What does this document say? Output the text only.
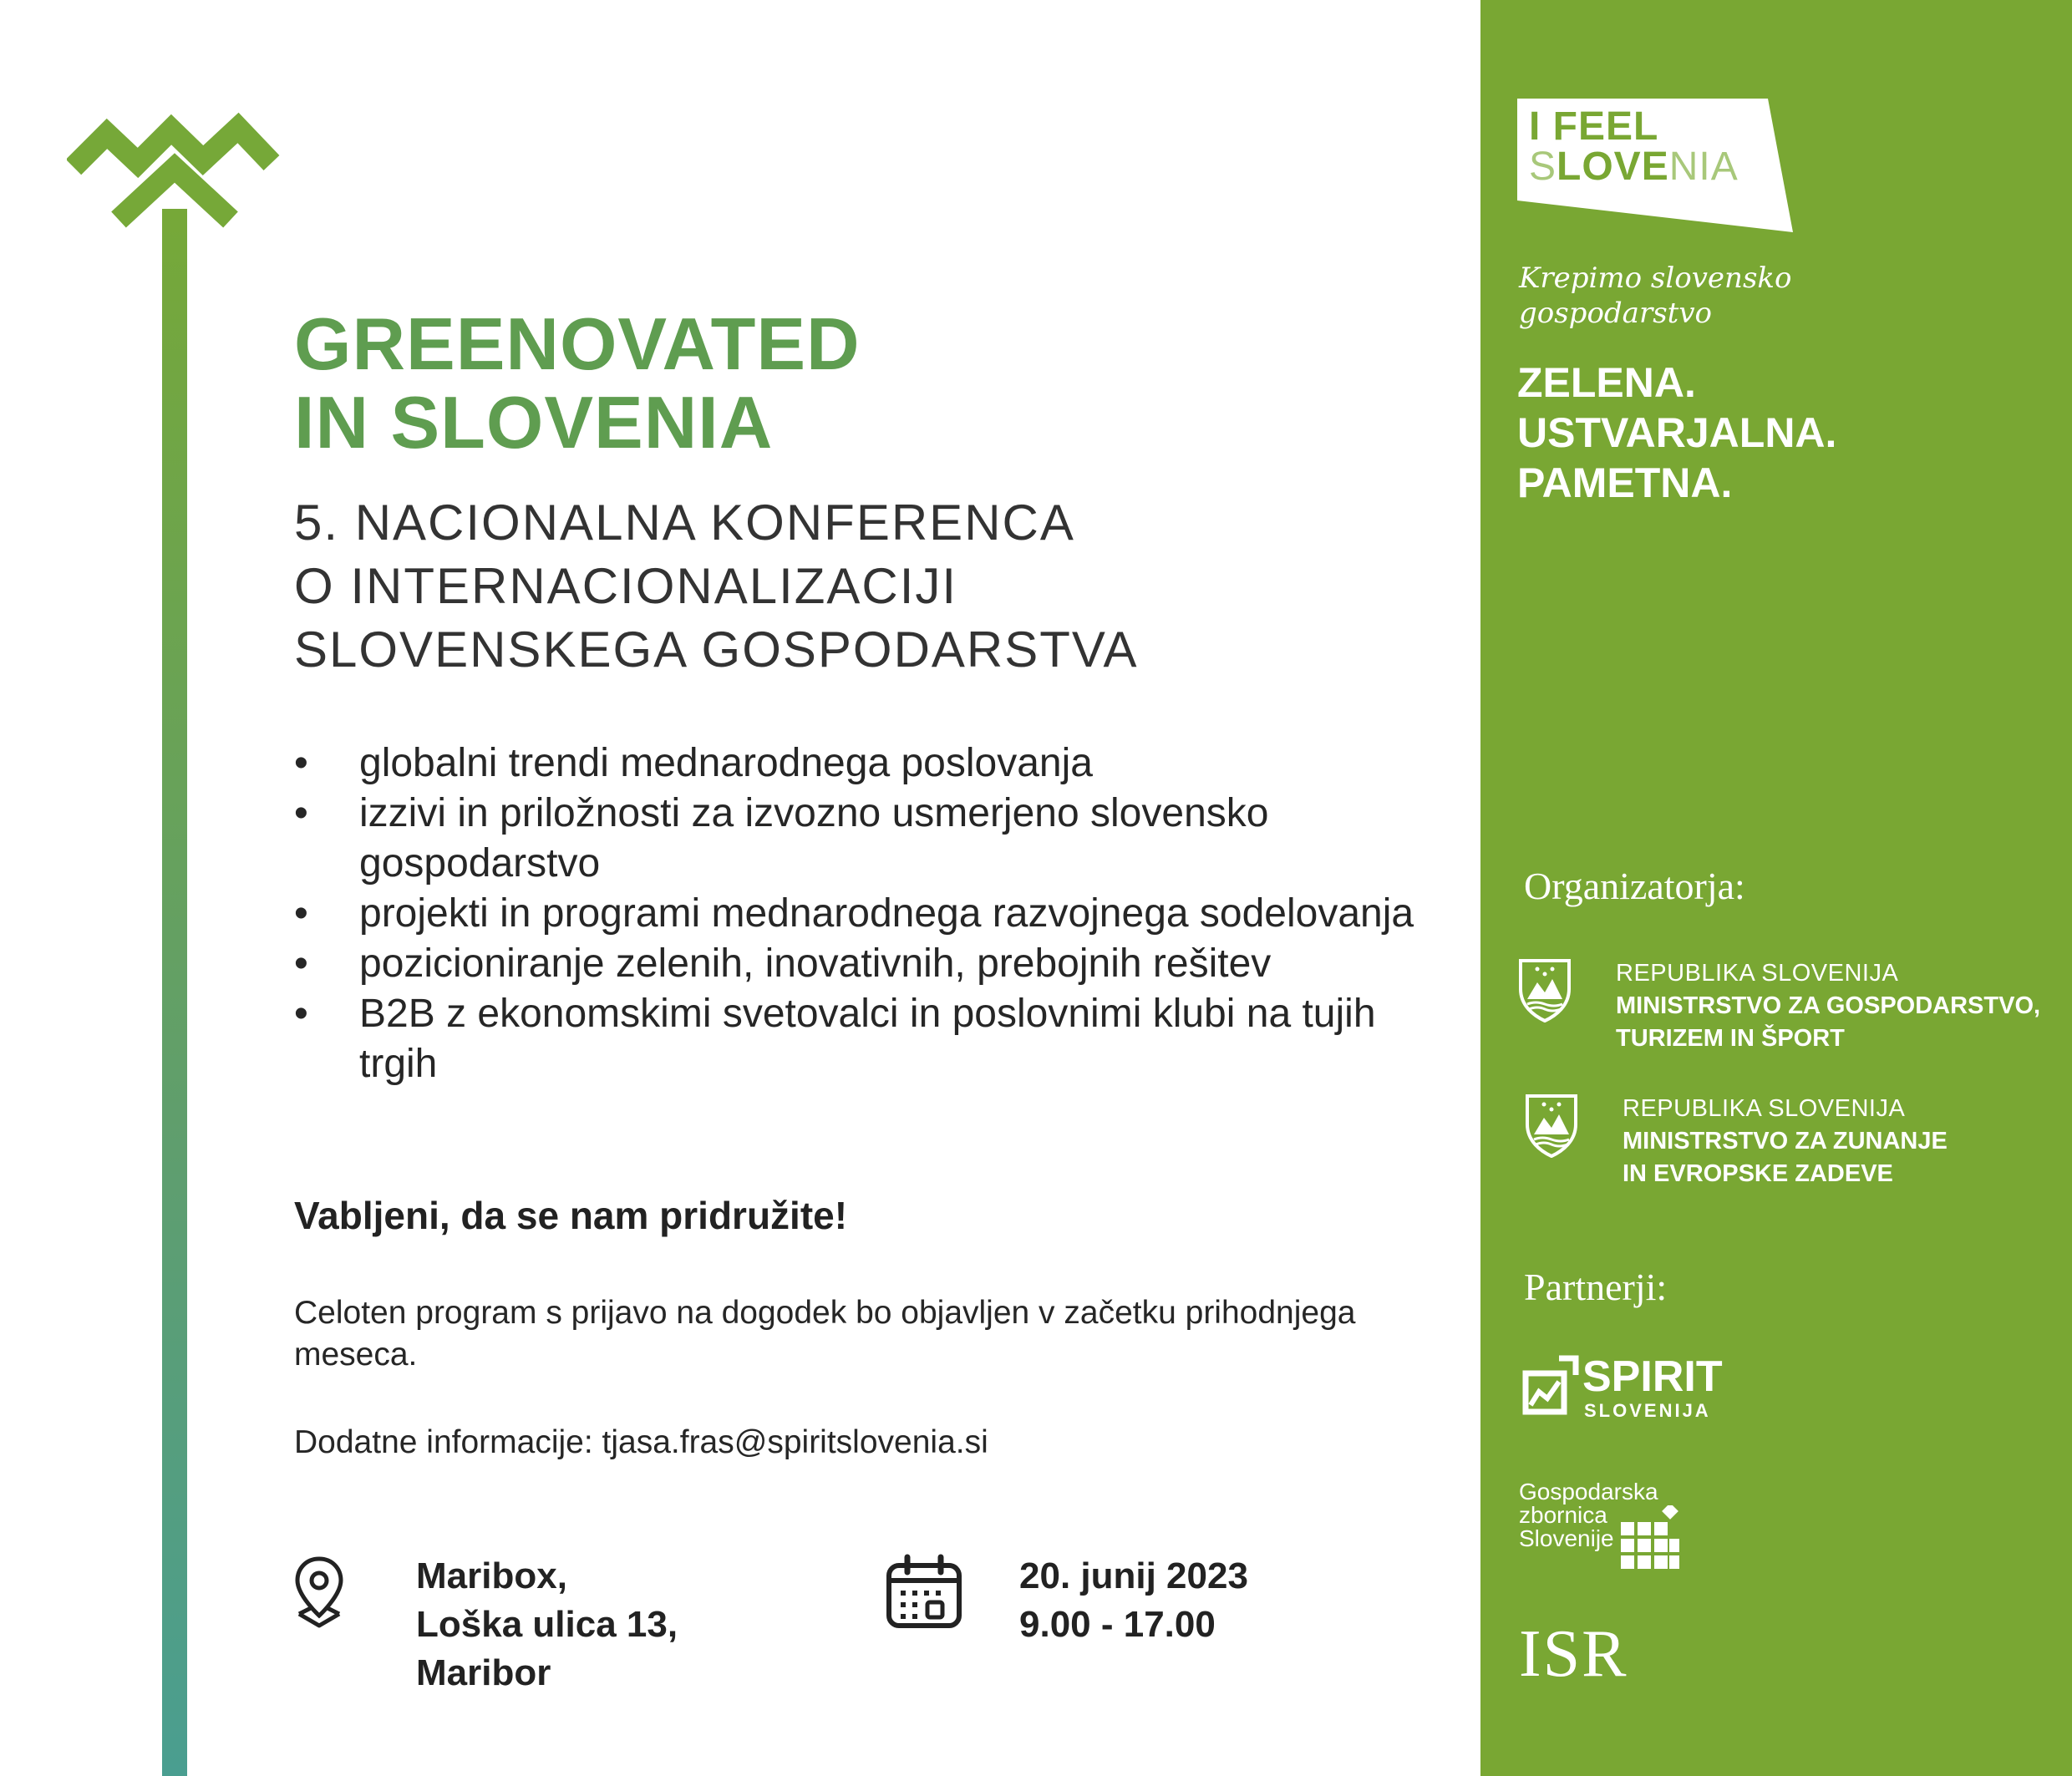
GREENOVATED
IN SLOVENIA
5. NACIONALNA KONFERENCA
O INTERNACIONALIZACIJI
SLOVENSKEGA GOSPODARSTVA
• globalni trendi mednarodnega poslovanja
• izzivi in priložnosti za izvozno usmerjeno slovensko gospodarstvo
• projekti in programi mednarodnega razvojnega sodelovanja
• pozicioniranje zelenih, inovativnih, prebojnih rešitev
• B2B z ekonomskimi svetovalci in poslovnimi klubi na tujih trgih
Vabljeni, da se nam pridružite!
Celoten program s prijavo na dogodek bo objavljen v začetku prihodnjega meseca.
Dodatne informacije: tjasa.fras@spiritslovenia.si
Maribox,
Loška ulica 13,
Maribor
20. junij 2023
9.00 - 17.00
I FEEL
SLOVENIA
Krepimo slovensko
gospodarstvo
ZELENA.
USTVARJALNA.
PAMETNA.
Organizatorja:
REPUBLIKA SLOVENIJA
MINISTRSTVO ZA GOSPODARSTVO,
TURIZEM IN ŠPORT
REPUBLIKA SLOVENIJA
MINISTRSTVO ZA ZUNANJE
IN EVROPSKE ZADEVE
Partnerji:
SPIRIT
SLOVENIJA
Gospodarska
zbornica
Slovenije
ISR
